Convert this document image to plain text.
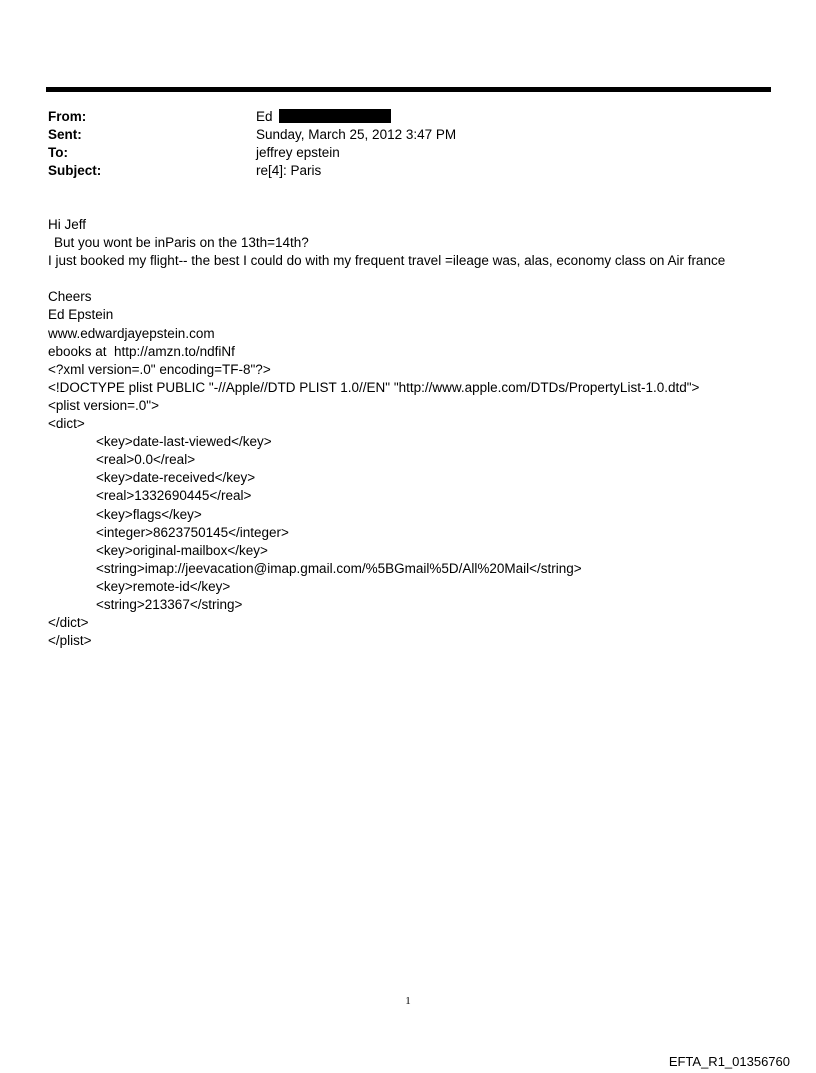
From:	Ed
Sent:	Sunday, March 25, 2012 3:47 PM
To:	jeffrey epstein
Subject:	re[4]: Paris
Hi Jeff
But you wont be inParis on the 13th=14th?
I just booked my flight-- the best I could do with my frequent travel =ileage was, alas, economy class on Air france
Cheers
Ed Epstein
www.edwardjayepstein.com
ebooks at  http://amzn.to/ndfiNf
<?xml version=.0" encoding=TF-8"?>
<!DOCTYPE plist PUBLIC "-//Apple//DTD PLIST 1.0//EN" "http://www.apple.com/DTDs/PropertyList-1.0.dtd">
<plist version=.0">
<dict>
<key>date-last-viewed</key>
<real>0.0</real>
<key>date-received</key>
<real>1332690445</real>
<key>flags</key>
<integer>8623750145</integer>
<key>original-mailbox</key>
<string>imap://jeevacation@imap.gmail.com/%5BGmail%5D/All%20Mail</string>
<key>remote-id</key>
<string>213367</string>
</dict>
</plist>
1
EFTA_R1_01356760
